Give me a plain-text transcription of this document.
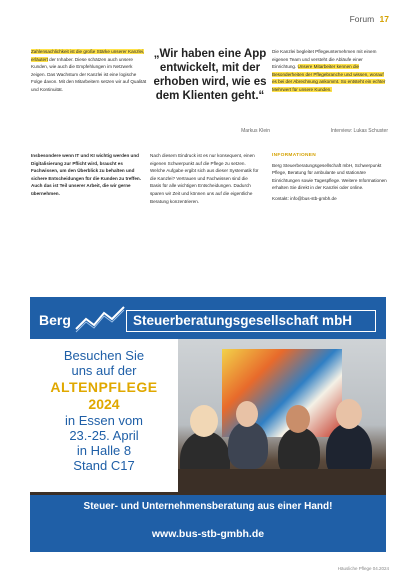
Forum 17

Zahlensachlichkeit ist die große Stärke unserer Kanzlei, erläutert der Inhaber. Diese schätzen auch unsere Kunden, wie auch die Empfehlungen im Netzwerk zeigen. Das Wachstum der Kanzlei ist eine logische Folge davon. Mit den Mitarbeitern setzen wir auf Qualität und Kontinuität.

„Wir haben eine App entwickelt, mit der erhoben wird, wie es dem Klienten geht.“
Markus Klein

Die Kanzlei begleitet Pflegeunternehmen mit einem eigenen Team und versteht die Abläufe einer Einrichtung. Unsere Mitarbeiter kennen die Besonderheiten der Pflegebranche und wissen, worauf es bei der Abrechnung ankommt. So entsteht ein echter Mehrwert für unsere Kunden.

Interview: Lukas Schuster

Insbesondere wenn IT und KI wichtig werden und Digitalisierung zur Pflicht wird, braucht es Fachwissen, um den Überblick zu behalten und sichere Entscheidungen für die Kunden zu treffen. Auch das ist Teil unserer Arbeit, die wir gerne übernehmen.

Nach diesem Eindruck ist es nur konsequent, einen eigenen Schwerpunkt auf die Pflege zu setzen. Welche Aufgabe ergibt sich aus dieser Systematik für die Kanzlei? Vertrauen und Fachwissen sind die Basis für alle wichtigen Entscheidungen. Dadurch sparen wir Zeit und können uns auf die eigentliche Beratung konzentrieren.

INFORMATIONEN

Berg Steuerberatungsgesellschaft mbH, Schwerpunkt Pflege, Beratung für ambulante und stationäre Einrichtungen sowie Tagespflege. Weitere Informationen erhalten Sie direkt in der Kanzlei oder online.

Kontakt: info@bus-stb-gmbh.de

Berg	Steuerberatungsgesellschaft mbH
Besuchen Sie
uns auf der
ALTENPFLEGE
2024
in Essen vom
23.-25. April
in Halle 8
Stand C17
Steuer- und Unternehmensberatung aus einer Hand!
www.bus-stb-gmbh.de
Häusliche Pflege 04.2024
